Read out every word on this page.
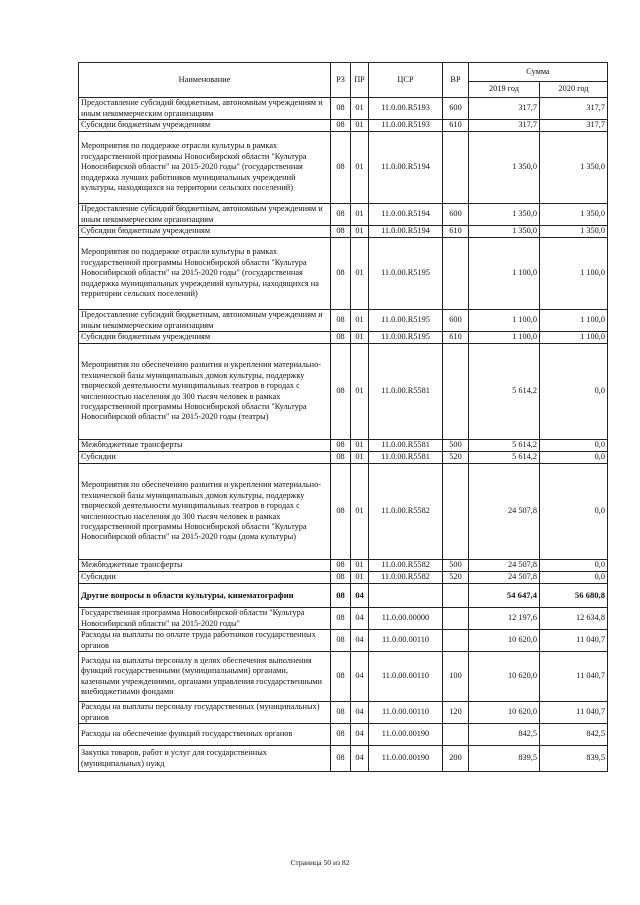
Наименование	РЗ	ПР	ЦСР	ВР	Сумма	
					2019 год	2020 год
Предоставление субсидий бюджетным, автономным учреждениям и иным некоммерческим организациям	08	01	11.0.00.R5193	600	317,7	317,7
Субсидии бюджетным учреждениям	08	01	11.0.00.R5193	610	317,7	317,7
Мероприятия по поддержке отрасли культуры в рамках государственной программы Новосибирской области "Культура Новосибирской области" на 2015-2020 годы" (государственная поддержка лучших работников муниципальных учреждений культуры, находящихся на территории сельских поселений)	08	01	11.0.00.R5194		1 350,0	1 350,0
Предоставление субсидий бюджетным, автономным учреждениям и иным некоммерческим организациям	08	01	11.0.00.R5194	600	1 350,0	1 350,0
Субсидии бюджетным учреждениям	08	01	11.0.00.R5194	610	1 350,0	1 350,0
Мероприятия по поддержке отрасли культуры в рамках государственной программы Новосибирской области "Культура Новосибирской области" на 2015-2020 годы" (государственная поддержка муниципальных учреждений культуры, находящихся на территории сельских поселений)	08	01	11.0.00.R5195		1 100,0	1 100,0
Предоставление субсидий бюджетным, автономным учреждениям и иным некоммерческим организациям	08	01	11.0.00.R5195	600	1 100,0	1 100,0
Субсидии бюджетным учреждениям	08	01	11.0.00.R5195	610	1 100,0	1 100,0
Мероприятия по обеспечению развития и укрепления материально-технической базы муниципальных домов культуры, поддержку творческой деятельности муниципальных театров в городах с численностью населения до 300 тысяч человек в рамках государственной программы Новосибирской области "Культура Новосибирской области" на 2015-2020 годы (театры)	08	01	11.0.00.R5581		5 614,2	0,0
Межбюджетные трансферты	08	01	11.0.00.R5581	500	5 614,2	0,0
Субсидии	08	01	11.0.00.R5581	520	5 614,2	0,0
Мероприятия по обеспечению развития и укрепления материально-технической базы муниципальных домов культуры, поддержку творческой деятельности муниципальных театров в городах с численностью населения до 300 тысяч человек в рамках государственной программы Новосибирской области "Культура Новосибирской области" на 2015-2020 годы (дома культуры)	08	01	11.0.00.R5582		24 507,8	0,0
Межбюджетные трансферты	08	01	11.0.00.R5582	500	24 507,8	0,0
Субсидии	08	01	11.0.00.R5582	520	24 507,8	0,0
Другие вопросы в области культуры, кинематографии	08	04			54 647,4	56 680,8
Государственная программа Новосибирской области "Культура Новосибирской области" на 2015-2020 годы"	08	04	11.0.00.00000		12 197,6	12 634,8
Расходы на выплаты по оплате труда работников государственных органов	08	04	11.0.00.00110		10 620,0	11 040,7
Расходы на выплаты персоналу в целях обеспечения выполнения функций государственными (муниципальными) органами, казенными учреждениями, органами управления государственными внебюджетными фондами	08	04	11.0.00.00110	100	10 620,0	11 040,7
Расходы на выплаты персоналу государственных (муниципальных) органов	08	04	11.0.00.00110	120	10 620,0	11 040,7
Расходы на обеспечение функций государственных органов	08	04	11.0.00.00190		842,5	842,5
Закупка товаров, работ и услуг для государственных (муниципальных) нужд	08	04	11.0.00.00190	200	839,5	839,5
Страница 50 из 82
